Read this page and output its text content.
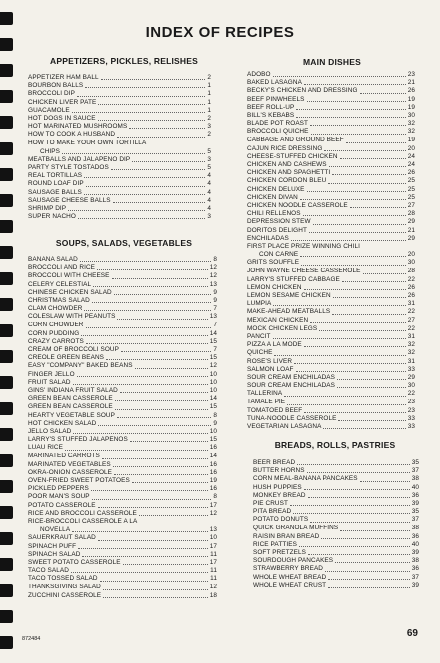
INDEX OF RECIPES
APPETIZERS, PICKLES, RELISHES
APPETIZER HAM BALL	2
BOURBON BALLS	1
BROCCOLI DIP	1
CHICKEN LIVER PATE	1
GUACAMOLE	1
HOT DOGS IN SAUCE	2
HOT MARINATED MUSHROOMS	3
HOW TO COOK A HUSBAND	2
HOW TO MAKE YOUR OWN TORTILLA
CHIPS	5
MEATBALLS AND JALAPENO DIP	3
PARTY STYLE TOSTADOS	5
REAL TORTILLAS	4
ROUND LOAF DIP	4
SAUSAGE BALLS	4
SAUSAGE CHEESE BALLS	4
SHRIMP DIP	4
SUPER NACHO	3
SOUPS, SALADS, VEGETABLES
BANANA SALAD	8
BROCCOLI AND RICE	12
BROCCOLI WITH CHEESE	12
CELERY CELESTIAL	13
CHINESE CHICKEN SALAD	9
CHRISTMAS SALAD	9
CLAM CHOWDER	7
COLESLAW WITH PEANUTS	13
CORN CHOWDER	7
CORN PUDDING	14
CRAZY CARROTS	15
CREAM OF BROCCOLI SOUP	7
CREOLE GREEN BEANS	15
EASY "COMPANY" BAKED BEANS	12
FINGER JELLO	10
FRUIT SALAD	10
GINS' INDIANA FRUIT SALAD	10
GREEN BEAN CASSEROLE	14
GREEN BEAN CASSEROLE	15
HEARTY VEGETABLE SOUP	8
HOT CHICKEN SALAD	9
JELLO SALAD	10
LARRY'S STUFFED JALAPENOS	15
LUAU RICE	16
MARINATED CARROTS	14
MARINATED VEGETABLES	16
OKRA-ONION CASSEROLE	16
OVEN-FRIED SWEET POTATOES	19
PICKLED PEPPERS	16
POOR MAN'S SOUP	8
POTATO CASSEROLE	17
RICE AND BROCCOLI CASSEROLE	12
RICE-BROCCOLI CASSEROLE A LA
NOVELLA	13
SAUERKRAUT SALAD	10
SPINACH PUFF	17
SPINACH SALAD	11
SWEET POTATO CASSEROLE	17
TACO SALAD	11
TACO TOSSED SALAD	11
THANKSGIVING SALAD	12
ZUCCHINI CASSEROLE	18
MAIN DISHES
ADOBO	23
BAKED LASAGNA	21
BECKY'S CHICKEN AND DRESSING	26
BEEF PINWHEELS	19
BEEF ROLL-UP	19
BILL'S KEBABS	30
BLADE POT ROAST	32
BROCCOLI QUICHE	32
CABBAGE AND GROUND BEEF	19
CAJUN RICE DRESSING	20
CHEESE-STUFFED CHICKEN	24
CHICKEN AND CASHEWS	24
CHICKEN AND SPAGHETTI	26
CHICKEN CORDON BLEU	25
CHICKEN DELUXE	25
CHICKEN DIVAN	25
CHICKEN NOODLE CASSEROLE	27
CHILI RELLENOS	28
DEPRESSION STEW	29
DORITOS DELIGHT	21
ENCHILADAS	29
FIRST PLACE PRIZE WINNING CHILI
CON CARNE	20
GRITS SOUFFLE	30
JOHN WAYNE CHEESE CASSEROLE	28
LARRY'S STUFFED CABBAGE	22
LEMON CHICKEN	26
LEMON SESAME CHICKEN	26
LUMPIA	31
MAKE-AHEAD MEATBALLS	22
MEXICAN CHICKEN	27
MOCK CHICKEN LEGS	22
PANCIT	31
PIZZA A LA MODE	32
QUICHE	32
ROSE'S LIVER	31
SALMON LOAF	33
SOUR CREAM ENCHILADAS	29
SOUR CREAM ENCHILADAS	30
TALLERINA	22
TAMALE PIE	23
TOMATOED BEEF	23
TUNA-NOODLE CASSEROLE	33
VEGETARIAN LASAGNA	33
BREADS, ROLLS, PASTRIES
BEER BREAD	35
BUTTER HORNS	37
CORN MEAL-BANANA PANCAKES	38
HUSH PUPPIES	40
MONKEY BREAD	36
PIE CRUST	39
PITA BREAD	35
POTATO DONUTS	37
QUICK GRANOLA MUFFINS	38
RAISIN BRAN BREAD	36
RICE PATTIES	40
SOFT PRETZELS	39
SOURDOUGH PANCAKES	38
STRAWBERRY BREAD	36
WHOLE WHEAT BREAD	37
WHOLE WHEAT CRUST	39
872484	69
